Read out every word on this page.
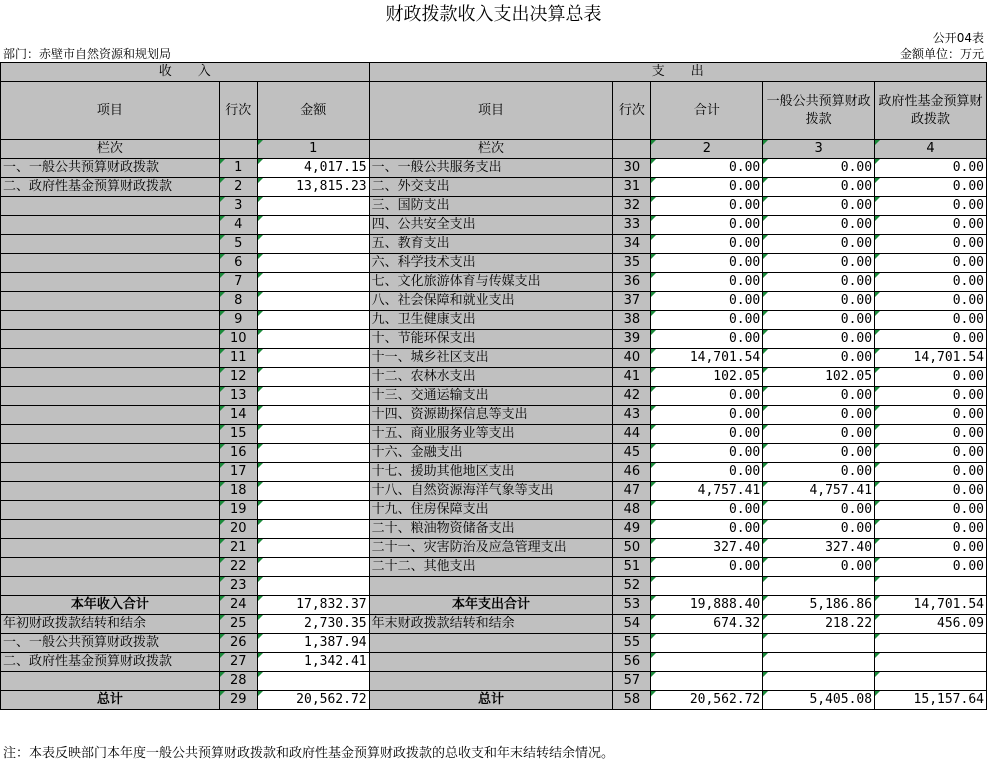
财政拨款收入支出决算总表
公开04表
部门：赤壁市自然资源和规划局	金额单位：万元
收　　入			支　　出				
项目	行次	金额	项目	行次	合计	一般公共预算财政拨款	政府性基金预算财政拨款
栏次		1	栏次		2	3	4
一、一般公共预算财政拨款	1	4,017.15	一、一般公共服务支出	30	0.00	0.00	0.00
二、政府性基金预算财政拨款	2	13,815.23	二、外交支出	31	0.00	0.00	0.00
	3		三、国防支出	32	0.00	0.00	0.00
	4		四、公共安全支出	33	0.00	0.00	0.00
	5		五、教育支出	34	0.00	0.00	0.00
	6		六、科学技术支出	35	0.00	0.00	0.00
	7		七、文化旅游体育与传媒支出	36	0.00	0.00	0.00
	8		八、社会保障和就业支出	37	0.00	0.00	0.00
	9		九、卫生健康支出	38	0.00	0.00	0.00
	10		十、节能环保支出	39	0.00	0.00	0.00
	11		十一、城乡社区支出	40	14,701.54	0.00	14,701.54
	12		十二、农林水支出	41	102.05	102.05	0.00
	13		十三、交通运输支出	42	0.00	0.00	0.00
	14		十四、资源勘探信息等支出	43	0.00	0.00	0.00
	15		十五、商业服务业等支出	44	0.00	0.00	0.00
	16		十六、金融支出	45	0.00	0.00	0.00
	17		十七、援助其他地区支出	46	0.00	0.00	0.00
	18		十八、自然资源海洋气象等支出	47	4,757.41	4,757.41	0.00
	19		十九、住房保障支出	48	0.00	0.00	0.00
	20		二十、粮油物资储备支出	49	0.00	0.00	0.00
	21		二十一、灾害防治及应急管理支出	50	327.40	327.40	0.00
	22		二十二、其他支出	51	0.00	0.00	0.00
	23			52			
本年收入合计	24	17,832.37	本年支出合计	53	19,888.40	5,186.86	14,701.54
年初财政拨款结转和结余	25	2,730.35	年末财政拨款结转和结余	54	674.32	218.22	456.09
一、一般公共预算财政拨款	26	1,387.94		55			
二、政府性基金预算财政拨款	27	1,342.41		56			
	28			57			
总计	29	20,562.72	总计	58	20,562.72	5,405.08	15,157.64
注：本表反映部门本年度一般公共预算财政拨款和政府性基金预算财政拨款的总收支和年末结转结余情况。
